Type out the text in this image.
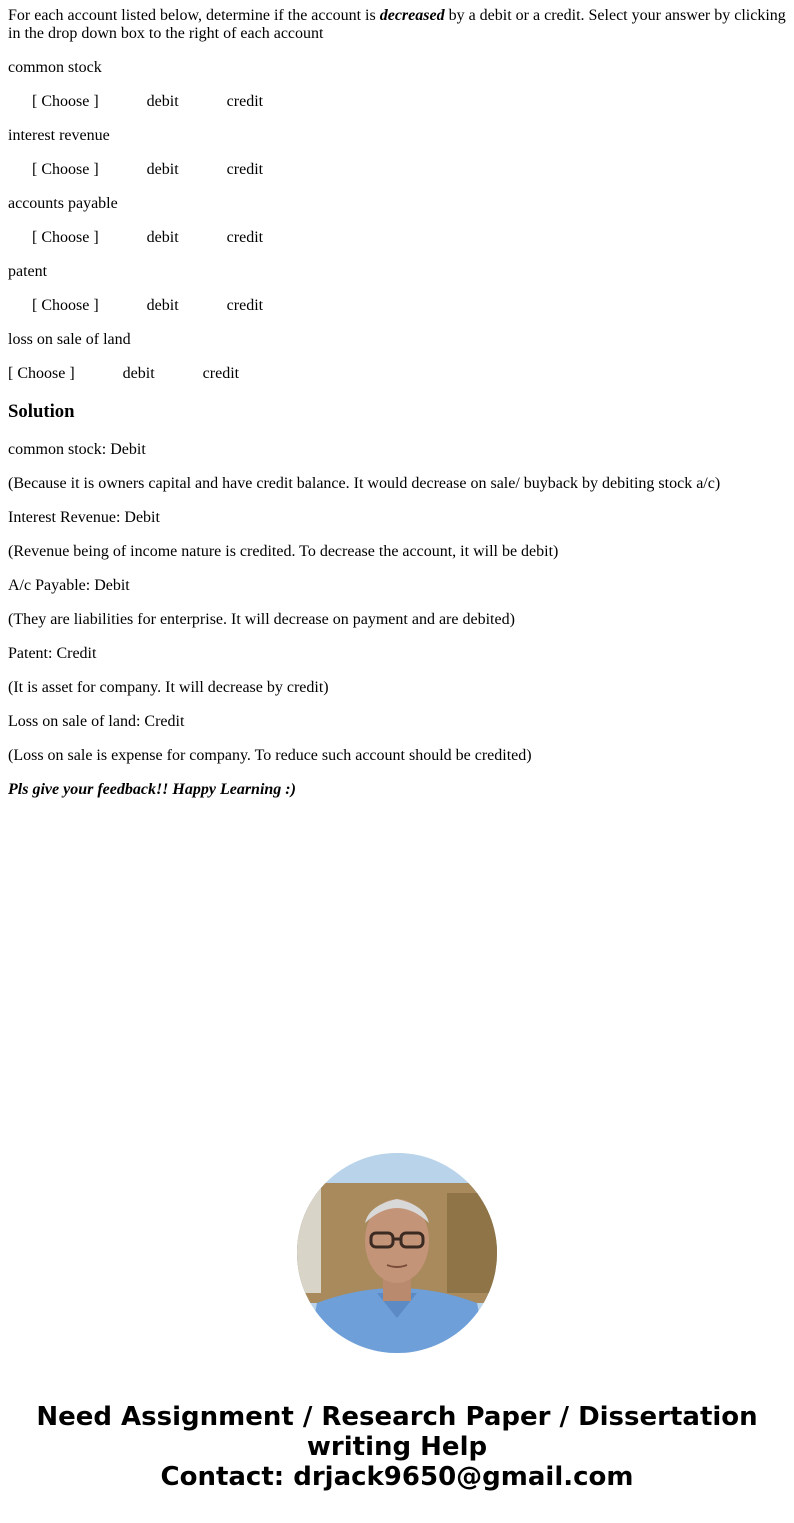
For each account listed below, determine if the account is decreased by a debit or a credit. Select your answer by clicking in the drop down box to the right of each account

common stock

[ Choose ]	debit	credit

interest revenue

[ Choose ]	debit	credit

accounts payable

[ Choose ]	debit	credit

patent

[ Choose ]	debit	credit

loss on sale of land

[ Choose ]	debit	credit
Solution

common stock: Debit

(Because it is owners capital and have credit balance. It would decrease on sale/ buyback by debiting stock a/c)

Interest Revenue: Debit

(Revenue being of income nature is credited. To decrease the account, it will be debit)

A/c Payable: Debit

(They are liabilities for enterprise. It will decrease on payment and are debited)

Patent: Credit

(It is asset for company. It will decrease by credit)

Loss on sale of land: Credit

(Loss on sale is expense for company. To reduce such account should be credited)

Pls give your feedback!! Happy Learning :)

Need Assignment / Research Paper / Dissertation
writing Help
Contact: drjack9650@gmail.com
